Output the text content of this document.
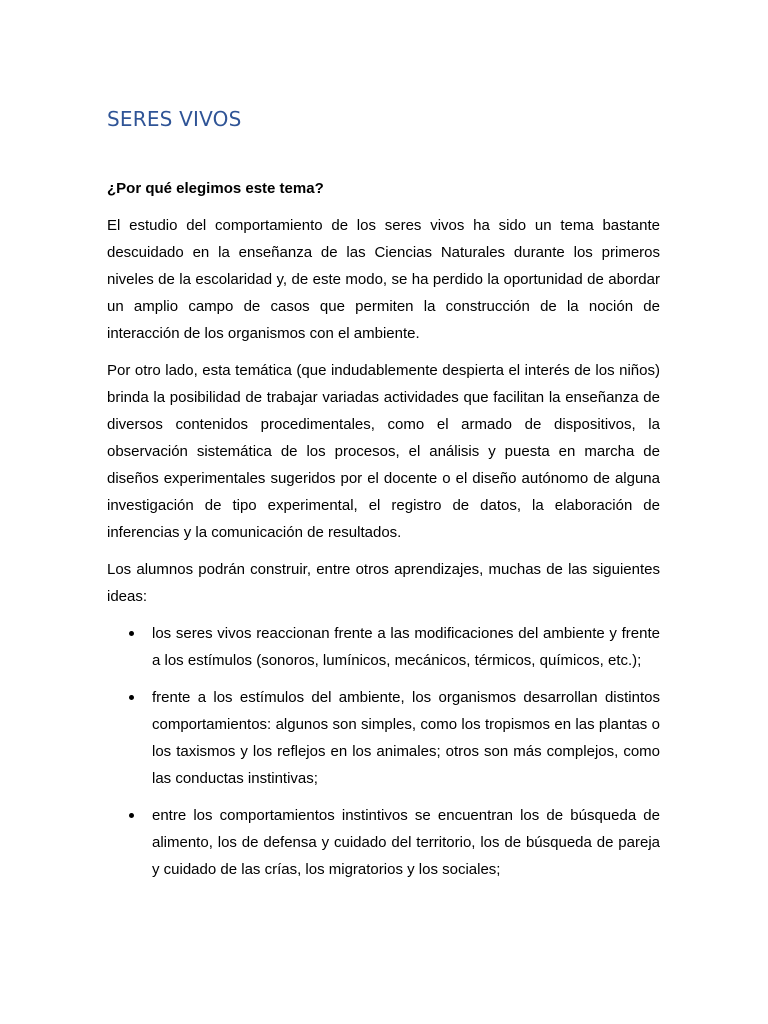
SERES VIVOS
¿Por qué elegimos este tema?

El estudio del comportamiento de los seres vivos ha sido un tema bastante descuidado en la enseñanza de las Ciencias Naturales durante los primeros niveles de la escolaridad y, de este modo, se ha perdido la oportunidad de abordar un amplio campo de casos que permiten la construcción de la noción de interacción de los organismos con el ambiente.

Por otro lado, esta temática (que indudablemente despierta el interés de los niños) brinda la posibilidad de trabajar variadas actividades que facilitan la enseñanza de diversos contenidos procedimentales, como el armado de dispositivos, la observación sistemática de los procesos, el análisis y puesta en marcha de diseños experimentales sugeridos por el docente o el diseño autónomo de alguna investigación de tipo experimental, el registro de datos, la elaboración de inferencias y la comunicación de resultados.

Los alumnos podrán construir, entre otros aprendizajes, muchas de las siguientes ideas:

los seres vivos reaccionan frente a las modificaciones del ambiente y frente a los estímulos (sonoros, lumínicos, mecánicos, térmicos, químicos, etc.);
frente a los estímulos del ambiente, los organismos desarrollan distintos comportamientos: algunos son simples, como los tropismos en las plantas o los taxismos y los reflejos en los animales; otros son más complejos, como las conductas instintivas;
entre los comportamientos instintivos se encuentran los de búsqueda de alimento, los de defensa y cuidado del territorio, los de búsqueda de pareja y cuidado de las crías, los migratorios y los sociales;
